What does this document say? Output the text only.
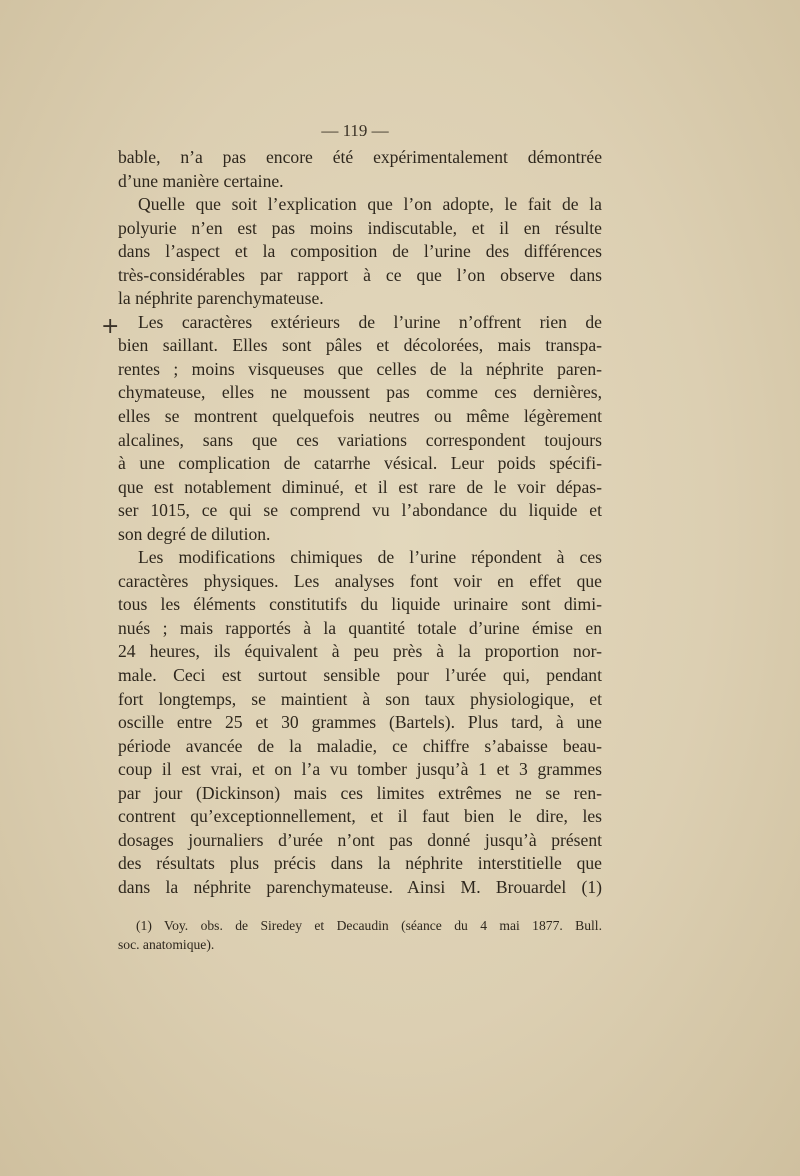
— 119 —
+
bable, n’a pas encore été expérimentalement démontrée
d’une manière certaine.
Quelle que soit l’explication que l’on adopte, le fait de la
polyurie n’en est pas moins indiscutable, et il en résulte
dans l’aspect et la composition de l’urine des différences
très-considérables par rapport à ce que l’on observe dans
la néphrite parenchymateuse.
Les caractères extérieurs de l’urine n’offrent rien de
bien saillant. Elles sont pâles et décolorées, mais transpa-
rentes ; moins visqueuses que celles de la néphrite paren-
chymateuse, elles ne moussent pas comme ces dernières,
elles se montrent quelquefois neutres ou même légèrement
alcalines, sans que ces variations correspondent toujours
à une complication de catarrhe vésical. Leur poids spécifi-
que est notablement diminué, et il est rare de le voir dépas-
ser 1015, ce qui se comprend vu l’abondance du liquide et
son degré de dilution.
Les modifications chimiques de l’urine répondent à ces
caractères physiques. Les analyses font voir en effet que
tous les éléments constitutifs du liquide urinaire sont dimi-
nués ; mais rapportés à la quantité totale d’urine émise en
24 heures, ils équivalent à peu près à la proportion nor-
male. Ceci est surtout sensible pour l’urée qui, pendant
fort longtemps, se maintient à son taux physiologique, et
oscille entre 25 et 30 grammes (Bartels). Plus tard, à une
période avancée de la maladie, ce chiffre s’abaisse beau-
coup il est vrai, et on l’a vu tomber jusqu’à 1 et 3 grammes
par jour (Dickinson) mais ces limites extrêmes ne se ren-
contrent qu’exceptionnellement, et il faut bien le dire, les
dosages journaliers d’urée n’ont pas donné jusqu’à présent
des résultats plus précis dans la néphrite interstitielle que
dans la néphrite parenchymateuse. Ainsi M. Brouardel (1)
(1) Voy. obs. de Siredey et Decaudin (séance du 4 mai 1877. Bull.
soc. anatomique).
